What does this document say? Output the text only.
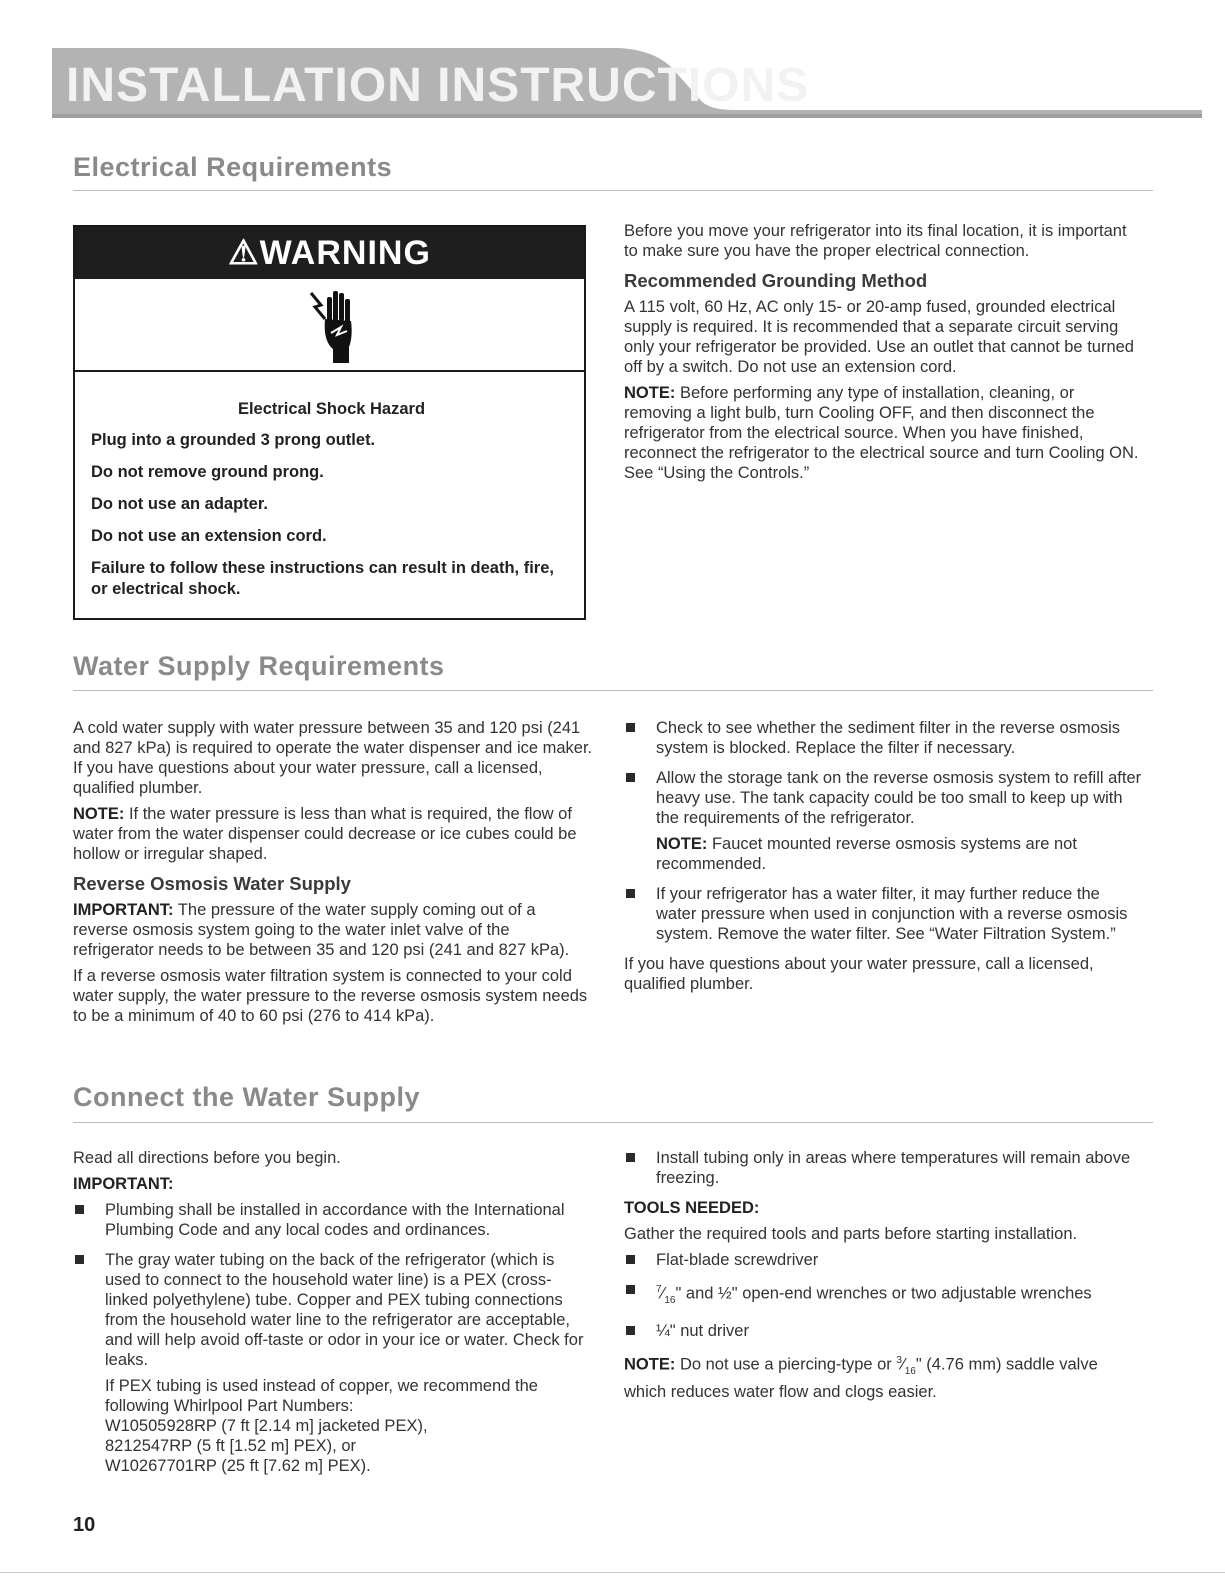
INSTALLATION INSTRUCTIONS
Electrical Requirements
⚠WARNING

Electrical Shock Hazard

Plug into a grounded 3 prong outlet.

Do not remove ground prong.

Do not use an adapter.

Do not use an extension cord.

Failure to follow these instructions can result in death, fire, or electrical shock.

Before you move your refrigerator into its final location, it is important to make sure you have the proper electrical connection.

Recommended Grounding Method

A 115 volt, 60 Hz, AC only 15- or 20-amp fused, grounded electrical supply is required. It is recommended that a separate circuit serving only your refrigerator be provided. Use an outlet that cannot be turned off by a switch. Do not use an extension cord.

NOTE: Before performing any type of installation, cleaning, or removing a light bulb, turn Cooling OFF, and then disconnect the refrigerator from the electrical source. When you have finished, reconnect the refrigerator to the electrical source and turn Cooling ON. See “Using the Controls.”

Water Supply Requirements

A cold water supply with water pressure between 35 and 120 psi (241 and 827 kPa) is required to operate the water dispenser and ice maker. If you have questions about your water pressure, call a licensed, qualified plumber.

NOTE: If the water pressure is less than what is required, the flow of water from the water dispenser could decrease or ice cubes could be hollow or irregular shaped.

Reverse Osmosis Water Supply

IMPORTANT: The pressure of the water supply coming out of a reverse osmosis system going to the water inlet valve of the refrigerator needs to be between 35 and 120 psi (241 and 827 kPa).

If a reverse osmosis water filtration system is connected to your cold water supply, the water pressure to the reverse osmosis system needs to be a minimum of 40 to 60 psi (276 to 414 kPa).

Check to see whether the sediment filter in the reverse osmosis system is blocked. Replace the filter if necessary.
Allow the storage tank on the reverse osmosis system to refill after heavy use. The tank capacity could be too small to keep up with the requirements of the refrigerator.

NOTE: Faucet mounted reverse osmosis systems are not recommended.

If your refrigerator has a water filter, it may further reduce the water pressure when used in conjunction with a reverse osmosis system. Remove the water filter. See “Water Filtration System.”

If you have questions about your water pressure, call a licensed, qualified plumber.

Connect the Water Supply

Read all directions before you begin.

IMPORTANT:

Plumbing shall be installed in accordance with the International Plumbing Code and any local codes and ordinances.
The gray water tubing on the back of the refrigerator (which is used to connect to the household water line) is a PEX (cross-linked polyethylene) tube. Copper and PEX tubing connections from the household water line to the refrigerator are acceptable, and will help avoid off-taste or odor in your ice or water. Check for leaks.

If PEX tubing is used instead of copper, we recommend the following Whirlpool Part Numbers:

W10505928RP (7 ft [2.14 m] jacketed PEX),

8212547RP (5 ft [1.52 m] PEX), or

W10267701RP (25 ft [7.62 m] PEX).

Install tubing only in areas where temperatures will remain above freezing.

TOOLS NEEDED:

Gather the required tools and parts before starting installation.

Flat-blade screwdriver
$^7⁄_{16}$" and ½" open-end wrenches or two adjustable wrenches
¼" nut driver

NOTE: Do not use a piercing-type or $^3⁄_{16}$" (4.76 mm) saddle valve which reduces water flow and clogs easier.

10
